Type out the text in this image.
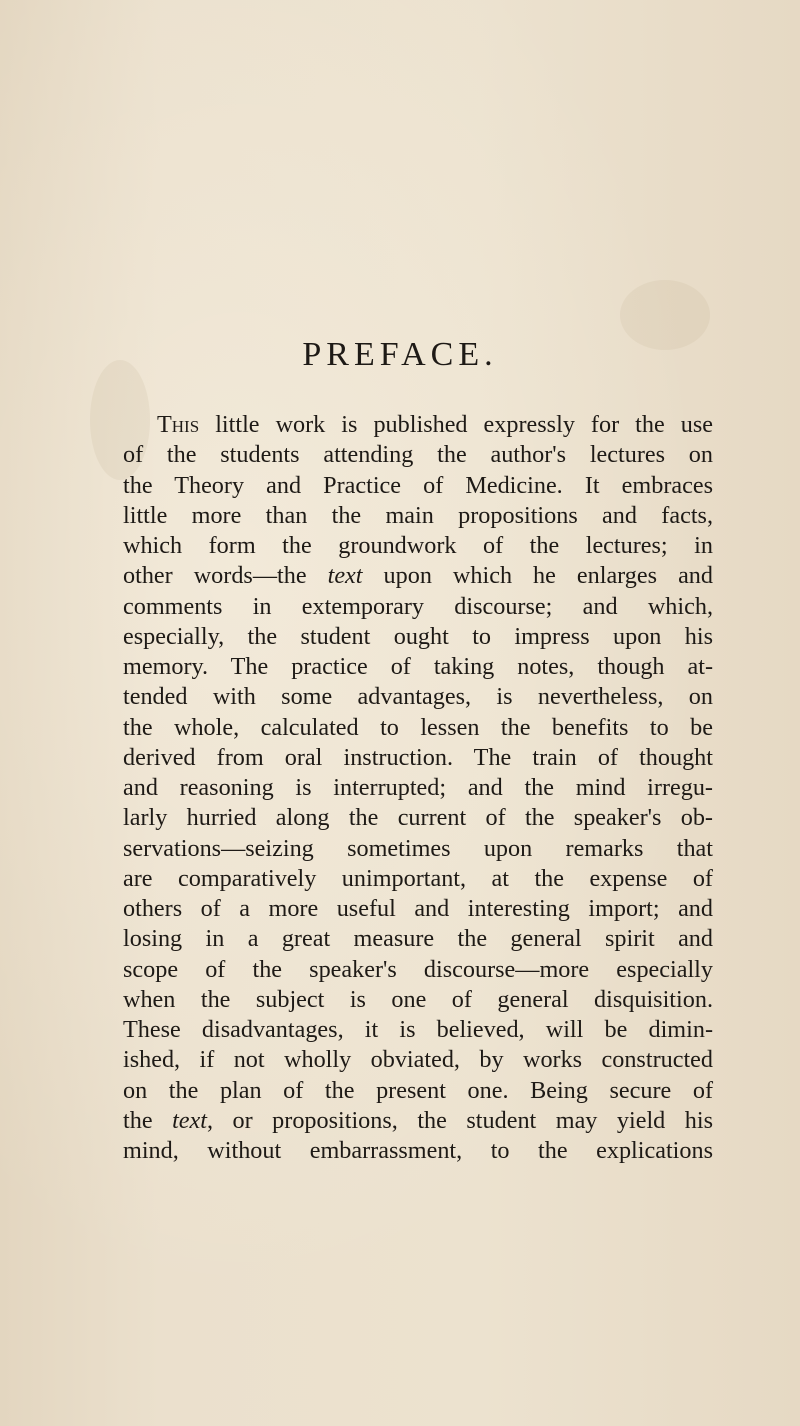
PREFACE.
This little work is published expressly for the use
of the students attending the author's lectures on
the Theory and Practice of Medicine. It embraces
little more than the main propositions and facts,
which form the groundwork of the lectures; in
other words—the text upon which he enlarges and
comments in extemporary discourse; and which,
especially, the student ought to impress upon his
memory. The practice of taking notes, though at-
tended with some advantages, is nevertheless, on
the whole, calculated to lessen the benefits to be
derived from oral instruction. The train of thought
and reasoning is interrupted; and the mind irregu-
larly hurried along the current of the speaker's ob-
servations—seizing sometimes upon remarks that
are comparatively unimportant, at the expense of
others of a more useful and interesting import; and
losing in a great measure the general spirit and
scope of the speaker's discourse—more especially
when the subject is one of general disquisition.
These disadvantages, it is believed, will be dimin-
ished, if not wholly obviated, by works constructed
on the plan of the present one. Being secure of
the text, or propositions, the student may yield his
mind, without embarrassment, to the explications
